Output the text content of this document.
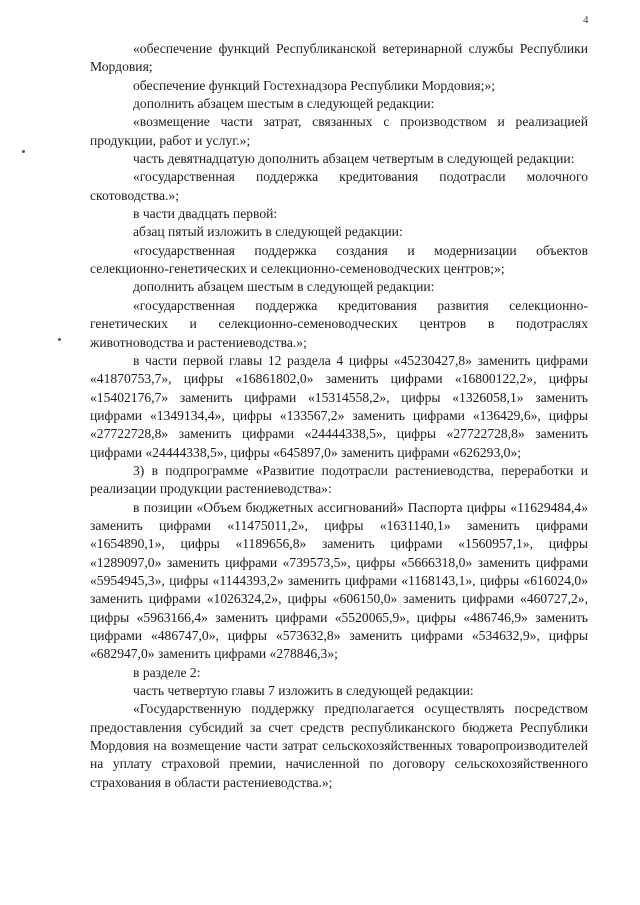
4

«обеспечение функций Республиканской ветеринарной службы Республики Мордовия;

обеспечение функций Гостехнадзора Республики Мордовия;»;

дополнить абзацем шестым в следующей редакции:

«возмещение части затрат, связанных с производством и реализацией продукции, работ и услуг.»;

часть девятнадцатую дополнить абзацем четвертым в следующей редакции:

«государственная поддержка кредитования подотрасли молочного скотоводства.»;

в части двадцать первой:

абзац пятый изложить в следующей редакции:

«государственная поддержка создания и модернизации объектов селекционно-генетических и селекционно-семеноводческих центров;»;

дополнить абзацем шестым в следующей редакции:

«государственная поддержка кредитования развития селекционно-генетических и селекционно-семеноводческих центров в подотраслях животноводства и растениеводства.»;

в части первой главы 12 раздела 4 цифры «45230427,8» заменить цифрами «41870753,7», цифры «16861802,0» заменить цифрами «16800122,2», цифры «15402176,7» заменить цифрами «15314558,2», цифры «1326058,1» заменить цифрами «1349134,4», цифры «133567,2» заменить цифрами «136429,6», цифры «27722728,8» заменить цифрами «24444338,5», цифры «27722728,8» заменить цифрами «24444338,5», цифры «645897,0» заменить цифрами «626293,0»;

3) в подпрограмме «Развитие подотрасли растениеводства, переработки и реализации продукции растениеводства»:

в позиции «Объем бюджетных ассигнований» Паспорта цифры «11629484,4» заменить цифрами «11475011,2», цифры «1631140,1» заменить цифрами «1654890,1», цифры «1189656,8» заменить цифрами «1560957,1», цифры «1289097,0» заменить цифрами «739573,5», цифры «5666318,0» заменить цифрами «5954945,3», цифры «1144393,2» заменить цифрами «1168143,1», цифры «616024,0» заменить цифрами «1026324,2», цифры «606150,0» заменить цифрами «460727,2», цифры «5963166,4» заменить цифрами «5520065,9», цифры «486746,9» заменить цифрами «486747,0», цифры «573632,8» заменить цифрами «534632,9», цифры «682947,0» заменить цифрами «278846,3»;

в разделе 2:

часть четвертую главы 7 изложить в следующей редакции:

«Государственную поддержку предполагается осуществлять посредством предоставления субсидий за счет средств республиканского бюджета Республики Мордовия на возмещение части затрат сельскохозяйственных товаропроизводителей на уплату страховой премии, начисленной по договору сельскохозяйственного страхования в области растениеводства.»;
